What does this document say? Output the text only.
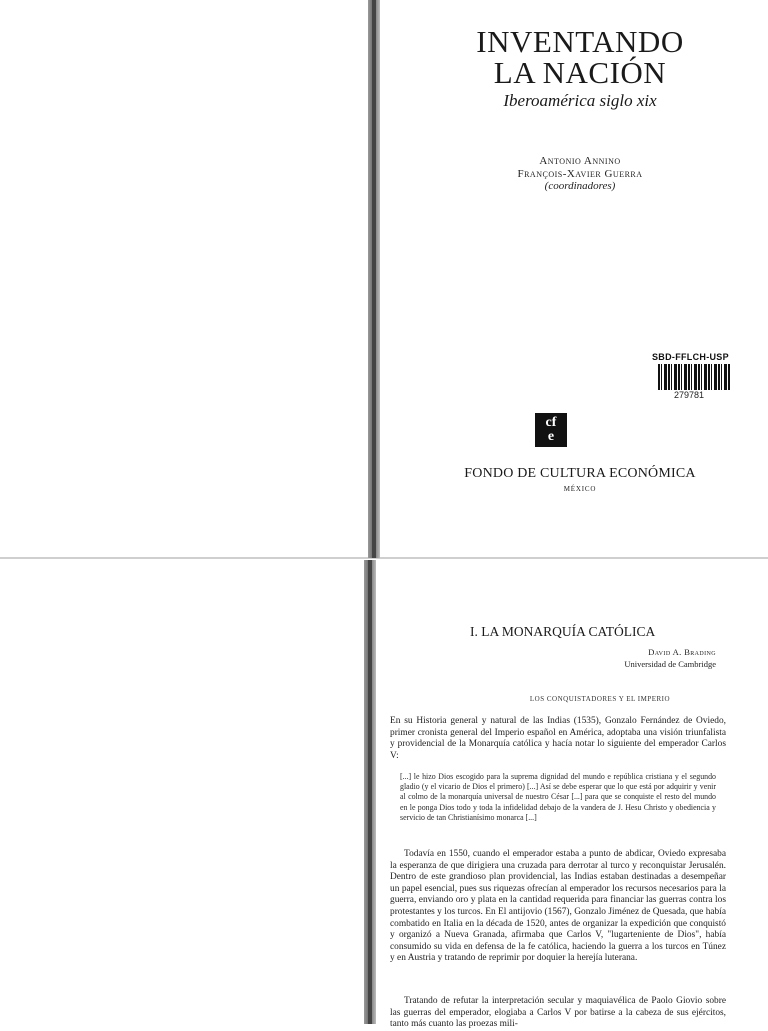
INVENTANDO
LA NACIÓN
Iberoamérica siglo xix
Antonio Annino
François-Xavier Guerra
(coordinadores)
SBD-FFLCH-USP
279781
cf
e
FONDO DE CULTURA ECONÓMICA
MÉXICO
I. LA MONARQUÍA CATÓLICA
David A. Brading
Universidad de Cambridge
LOS CONQUISTADORES Y EL IMPERIO

En su Historia general y natural de las Indias (1535), Gonzalo Fernández de Oviedo, primer cronista general del Imperio español en América, adoptaba una visión triunfalista y providencial de la Monarquía católica y hacía notar lo siguiente del emperador Carlos V:

[...] le hizo Dios escogido para la suprema dignidad del mundo e república cristiana y el segundo gladio (y el vicario de Dios el primero) [...] Así se debe esperar que lo que está por adquirir y venir al colmo de la monarquía universal de nuestro César [...] para que se conquiste el resto del mundo en le ponga Dios todo y toda la infidelidad debajo de la vandera de J. Hesu Christo y obediencia y servicio de tan Christianísimo monarca [...]

Todavía en 1550, cuando el emperador estaba a punto de abdicar, Oviedo expresaba la esperanza de que dirigiera una cruzada para derrotar al turco y reconquistar Jerusalén. Dentro de este grandioso plan providencial, las Indias estaban destinadas a desempeñar un papel esencial, pues sus riquezas ofrecían al emperador los recursos necesarios para la guerra, enviando oro y plata en la cantidad requerida para financiar las guerras contra los protestantes y los turcos. En El antijovio (1567), Gonzalo Jiménez de Quesada, que había combatido en Italia en la década de 1520, antes de organizar la expedición que conquistó y organizó a Nueva Granada, afirmaba que Carlos V, "lugarteniente de Dios", había consumido su vida en defensa de la fe católica, haciendo la guerra a los turcos en Túnez y en Austria y tratando de reprimir por doquier la herejía luterana.

Tratando de refutar la interpretación secular y maquiavélica de Paolo Giovio sobre las guerras del emperador, elogiaba a Carlos V por batirse a la cabeza de sus ejércitos, tanto más cuanto las proezas mili-
